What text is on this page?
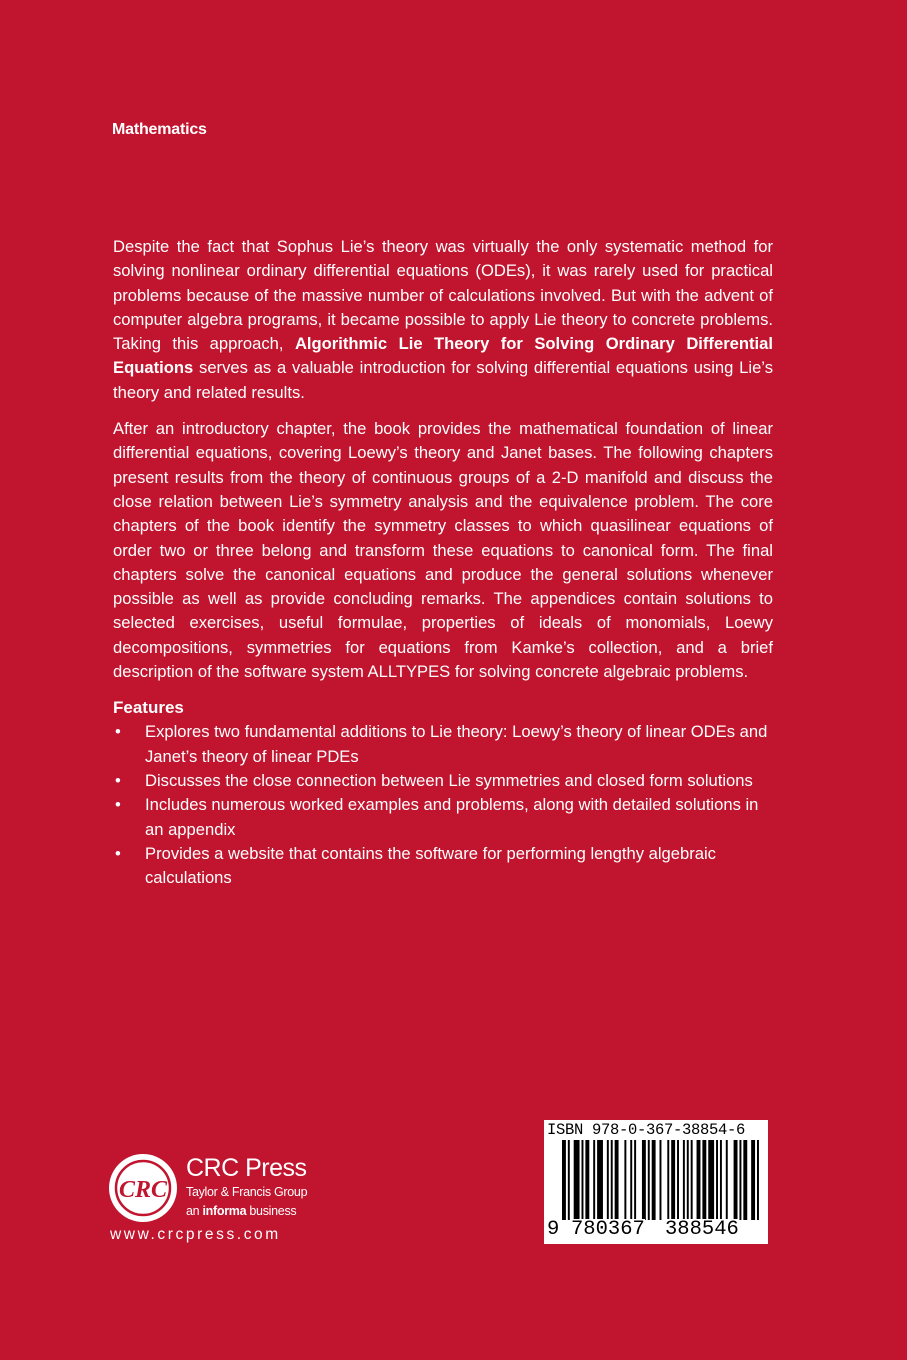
Mathematics

Despite the fact that Sophus Lie’s theory was virtually the only systematic method for solving nonlinear ordinary differential equations (ODEs), it was rarely used for practical problems because of the massive number of calculations involved. But with the advent of computer algebra programs, it became possible to apply Lie theory to concrete problems. Taking this approach, Algorithmic Lie Theory for Solving Ordinary Differential Equations serves as a valuable introduction for solving differential equations using Lie’s theory and related results.

After an introductory chapter, the book provides the mathematical foundation of linear differential equations, covering Loewy’s theory and Janet bases. The following chapters present results from the theory of continuous groups of a 2-D manifold and discuss the close relation between Lie’s symmetry analysis and the equivalence problem. The core chapters of the book identify the symmetry classes to which quasilinear equations of order two or three belong and transform these equations to canonical form. The final chapters solve the canonical equations and produce the general solutions whenever possible as well as provide concluding remarks. The appendices contain solutions to selected exercises, useful formulae, properties of ideals of monomials, Loewy decompositions, symmetries for equations from Kamke’s collection, and a brief description of the software system ALLTYPES for solving concrete algebraic problems.

Features
• Explores two fundamental additions to Lie theory: Loewy’s theory of linear ODEs and Janet’s theory of linear PDEs
• Discusses the close connection between Lie symmetries and closed form solutions
• Includes numerous worked examples and problems, along with detailed solutions in an appendix
• Provides a website that contains the software for performing lengthy algebraic calculations
CRC
CRC Press
Taylor & Francis Group
an informa business
www.crcpress.com
ISBN 978-0-367-38854-6
9 780367 388546
